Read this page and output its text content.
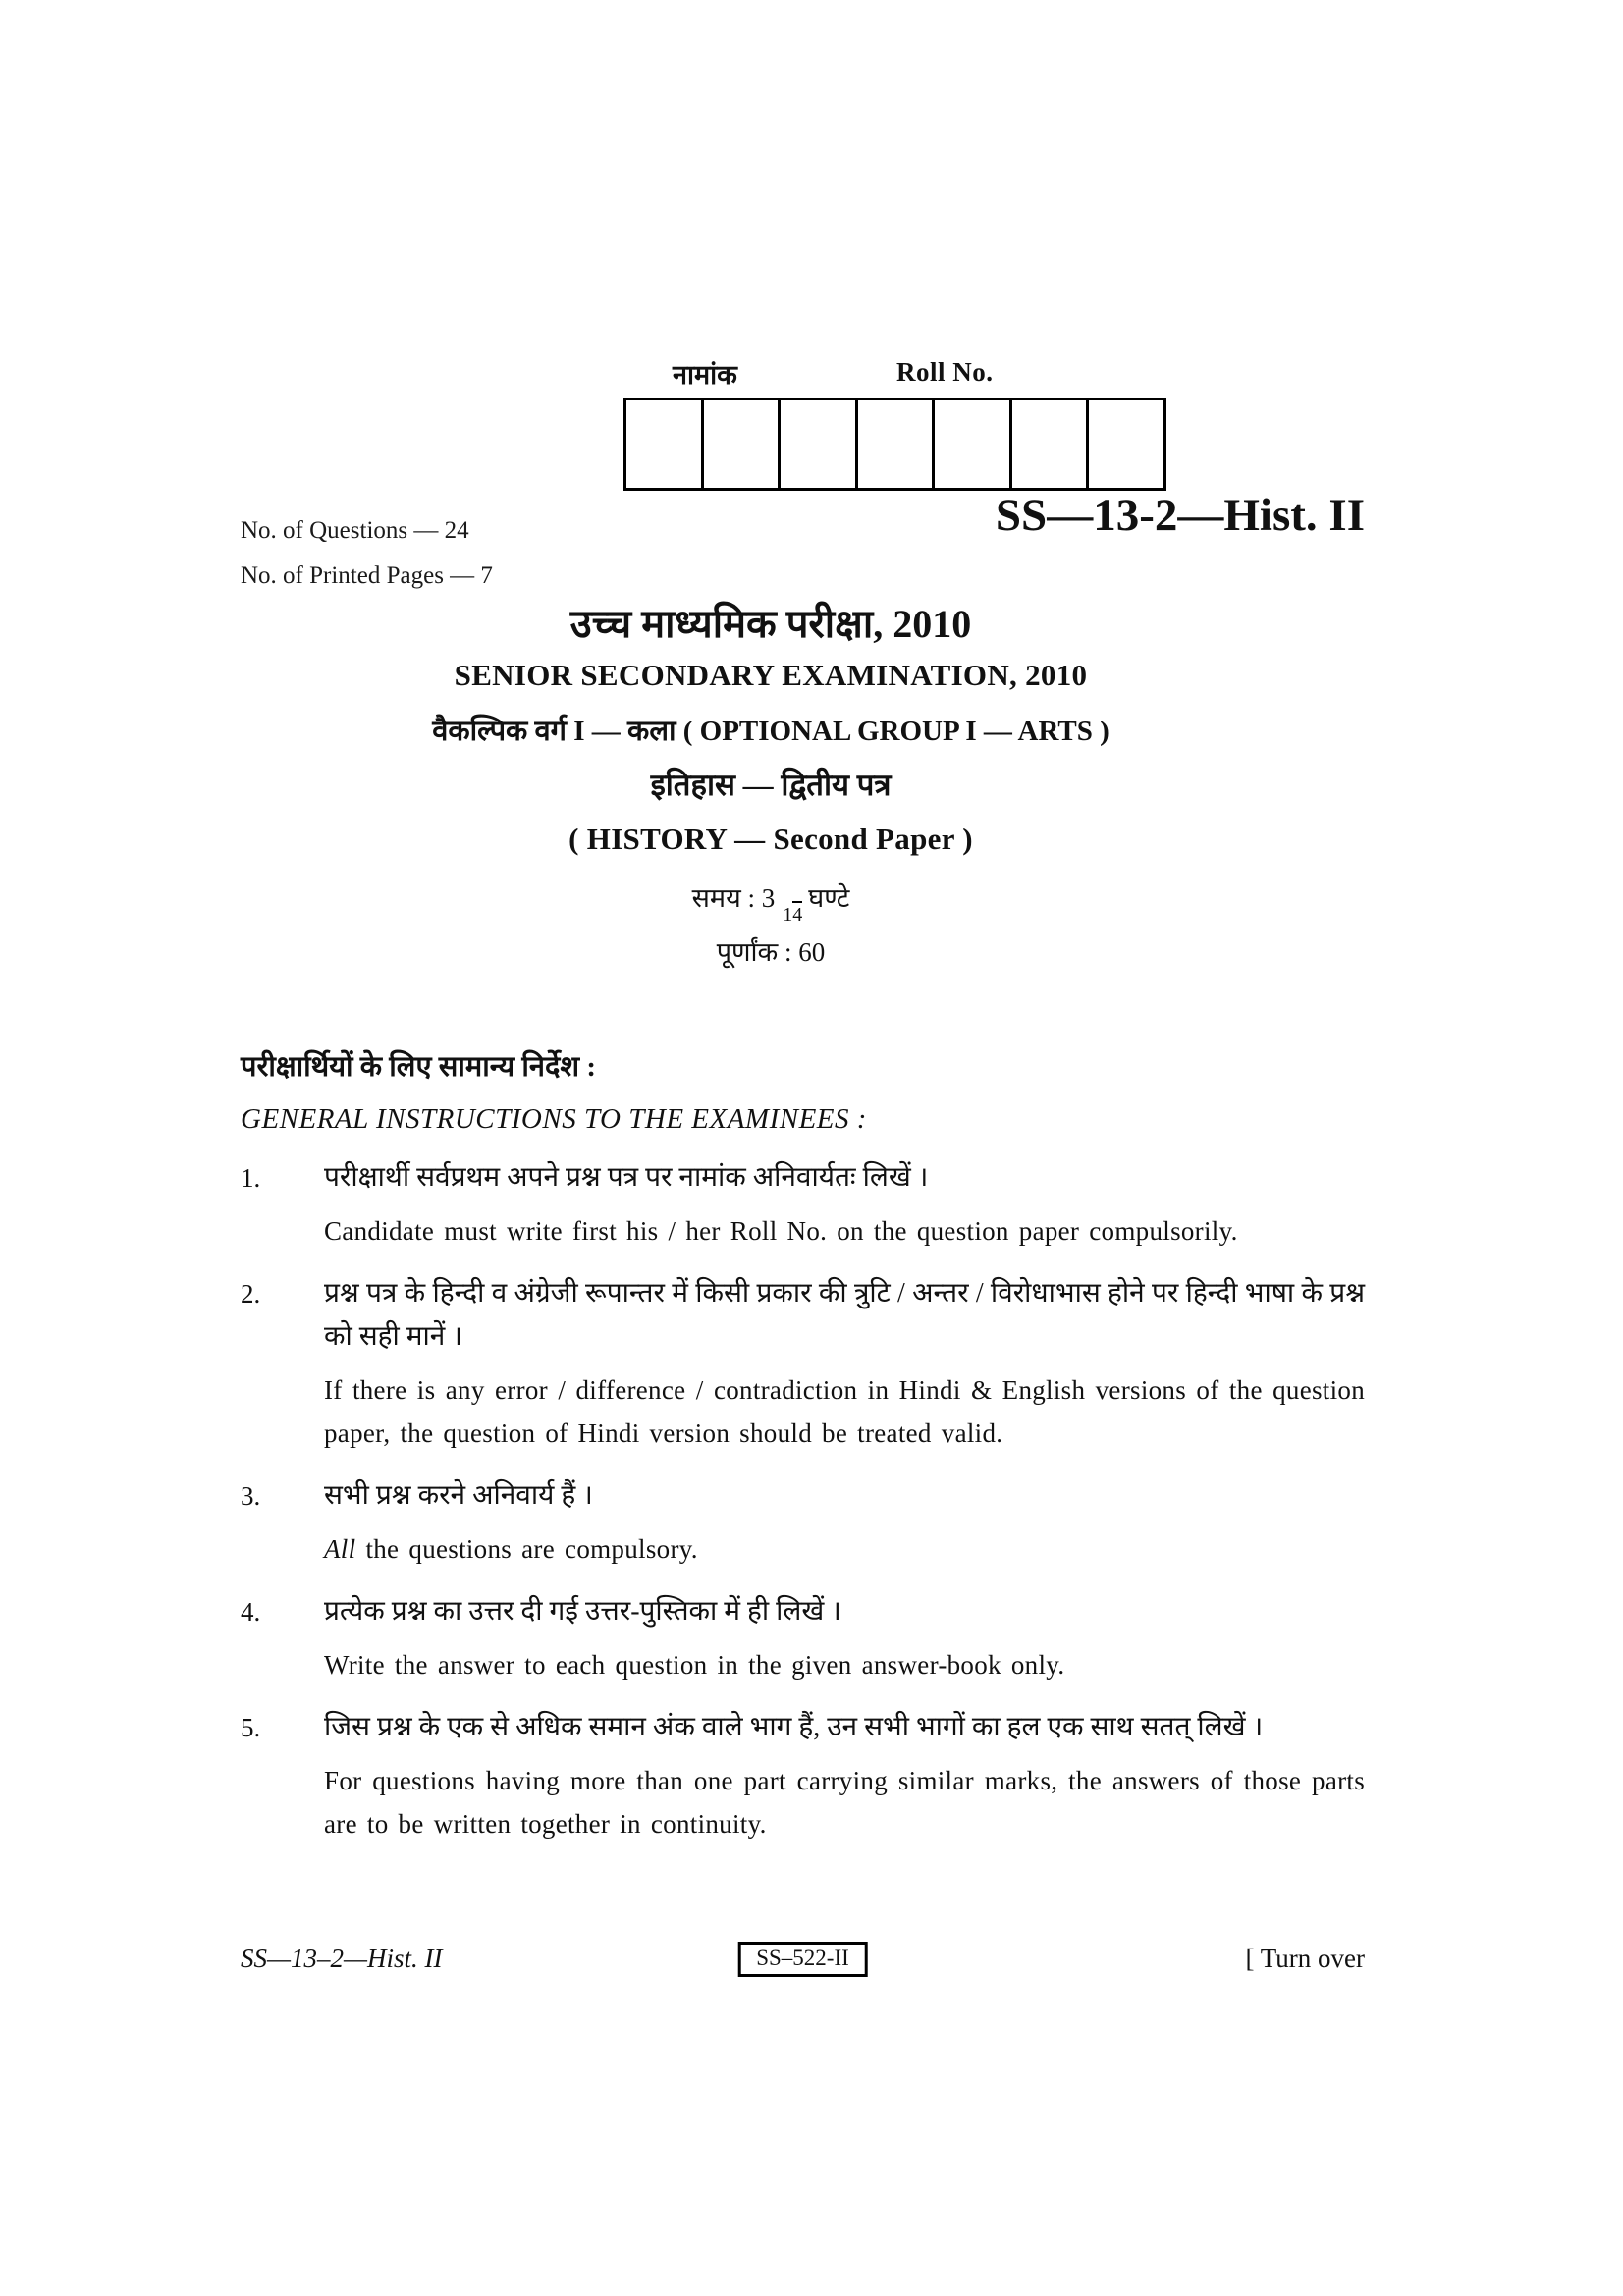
नामांक	Roll No.
No. of Questions — 24
No. of Printed Pages — 7
SS—13-2—Hist. II
उच्च माध्यमिक परीक्षा, 2010
SENIOR SECONDARY EXAMINATION, 2010
वैकल्पिक वर्ग I — कला ( OPTIONAL GROUP I — ARTS )
इतिहास — द्वितीय पत्र
( HISTORY — Second Paper )
समय : 314घण्टे
पूर्णांक : 60
परीक्षार्थियों के लिए सामान्य निर्देश :
GENERAL INSTRUCTIONS TO THE EXAMINEES :
1.	परीक्षार्थी सर्वप्रथम अपने प्रश्न पत्र पर नामांक अनिवार्यतः लिखें ।
Candidate must write first his / her Roll No. on the question paper compulsorily.
2.	प्रश्न पत्र के हिन्दी व अंग्रेजी रूपान्तर में किसी प्रकार की त्रुटि / अन्तर / विरोधाभास होने पर हिन्दी भाषा के प्रश्न को सही मानें ।
If there is any error / difference / contradiction in Hindi & English versions of the question paper, the question of Hindi version should be treated valid.
3.	सभी प्रश्न करने अनिवार्य हैं ।
All the questions are compulsory.
4.	प्रत्येक प्रश्न का उत्तर दी गई उत्तर-पुस्तिका में ही लिखें ।
Write the answer to each question in the given answer-book only.
5.	जिस प्रश्न के एक से अधिक समान अंक वाले भाग हैं, उन सभी भागों का हल एक साथ सतत् लिखें ।
For questions having more than one part carrying similar marks, the answers of those parts are to be written together in continuity.
SS—13–2—Hist. II	SS–522-II	[ Turn over
